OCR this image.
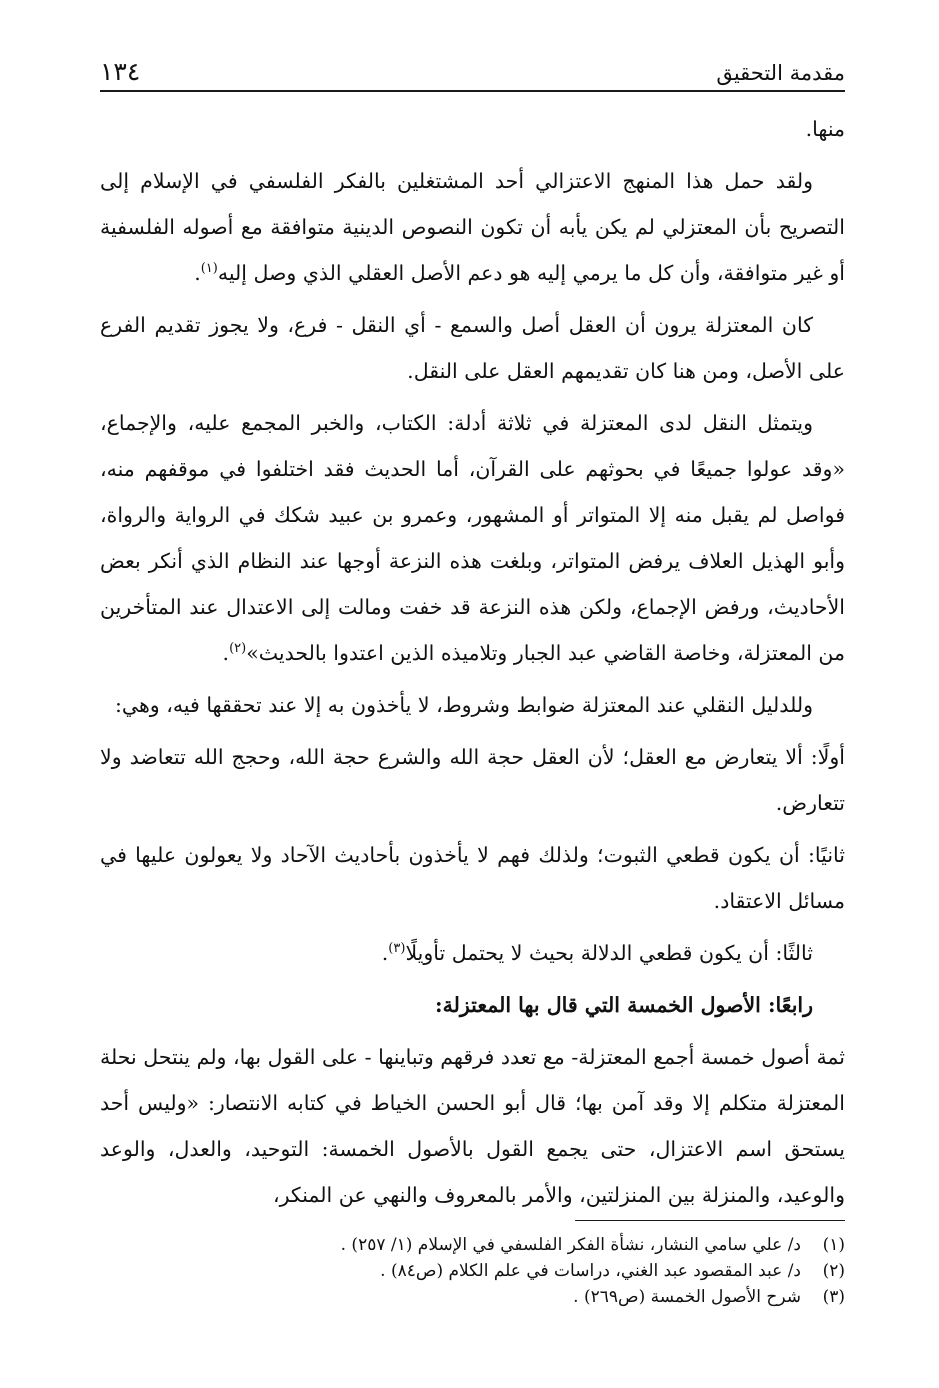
مقدمة التحقيق
١٣٤

منها.

ولقد حمل هذا المنهج الاعتزالي أحد المشتغلين بالفكر الفلسفي في الإسلام إلى التصريح بأن المعتزلي لم يكن يأبه أن تكون النصوص الدينية متوافقة مع أصوله الفلسفية أو غير متوافقة، وأن كل ما يرمي إليه هو دعم الأصل العقلي الذي وصل إليه$^{(١)}$.

كان المعتزلة يرون أن العقل أصل والسمع - أي النقل - فرع، ولا يجوز تقديم الفرع على الأصل، ومن هنا كان تقديمهم العقل على النقل.

ويتمثل النقل لدى المعتزلة في ثلاثة أدلة: الكتاب، والخبر المجمع عليه، والإجماع، «وقد عولوا جميعًا في بحوثهم على القرآن، أما الحديث فقد اختلفوا في موقفهم منه، فواصل لم يقبل منه إلا المتواتر أو المشهور، وعمرو بن عبيد شكك في الرواية والرواة، وأبو الهذيل العلاف يرفض المتواتر، وبلغت هذه النزعة أوجها عند النظام الذي أنكر بعض الأحاديث، ورفض الإجماع، ولكن هذه النزعة قد خفت ومالت إلى الاعتدال عند المتأخرين من المعتزلة، وخاصة القاضي عبد الجبار وتلاميذه الذين اعتدوا بالحديث»$^{(٢)}$.

وللدليل النقلي عند المعتزلة ضوابط وشروط، لا يأخذون به إلا عند تحققها فيه، وهي:

أولًا: ألا يتعارض مع العقل؛ لأن العقل حجة الله والشرع حجة الله، وحجج الله تتعاضد ولا تتعارض.

ثانيًا: أن يكون قطعي الثبوت؛ ولذلك فهم لا يأخذون بأحاديث الآحاد ولا يعولون عليها في مسائل الاعتقاد.

ثالثًا: أن يكون قطعي الدلالة بحيث لا يحتمل تأويلًا$^{(٣)}$.

رابعًا: الأصول الخمسة التي قال بها المعتزلة:

ثمة أصول خمسة أجمع المعتزلة- مع تعدد فرقهم وتباينها - على القول بها، ولم ينتحل نحلة المعتزلة متكلم إلا وقد آمن بها؛ قال أبو الحسن الخياط في كتابه الانتصار: «وليس أحد يستحق اسم الاعتزال، حتى يجمع القول بالأصول الخمسة: التوحيد، والعدل، والوعد والوعيد، والمنزلة بين المنزلتين، والأمر بالمعروف والنهي عن المنكر،

(١)
د/ علي سامي النشار، نشأة الفكر الفلسفي في الإسلام (١/ ٢٥٧) .
(٢)
د/ عبد المقصود عبد الغني، دراسات في علم الكلام (ص٨٤) .
(٣)
شرح الأصول الخمسة (ص٢٦٩) .
